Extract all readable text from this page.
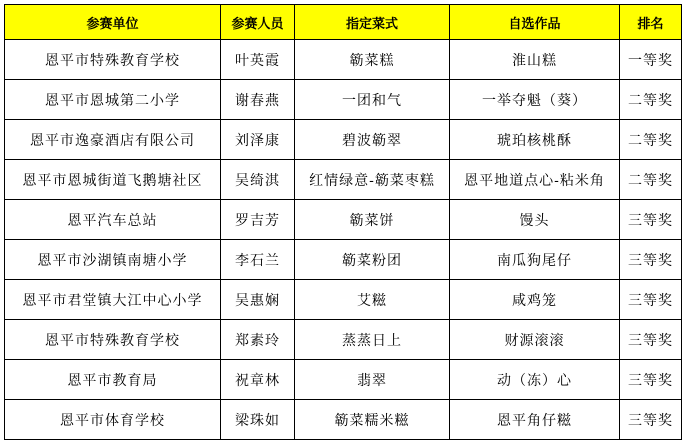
参赛单位	参赛人员	指定菜式	自选作品	排名
恩平市特殊教育学校	叶英霞	簕菜糕	淮山糕	一等奖
恩平市恩城第二小学	谢春燕	一团和气	一举夺魁（葵）	二等奖
恩平市逸豪酒店有限公司	刘泽康	碧波簕翠	琥珀核桃酥	二等奖
恩平市恩城街道飞鹅塘社区	吴绮淇	红情绿意-簕菜枣糕	恩平地道点心-粘米角	二等奖
恩平汽车总站	罗吉芳	簕菜饼	馒头	三等奖
恩平市沙湖镇南塘小学	李石兰	簕菜粉团	南瓜狗尾仔	三等奖
恩平市君堂镇大江中心小学	吴惠娴	艾糍	咸鸡笼	三等奖
恩平市特殊教育学校	郑素玲	蒸蒸日上	财源滚滚	三等奖
恩平市教育局	祝章林	翡翠	动（冻）心	三等奖
恩平市体育学校	梁珠如	簕菜糯米糍	恩平角仔糍	三等奖
